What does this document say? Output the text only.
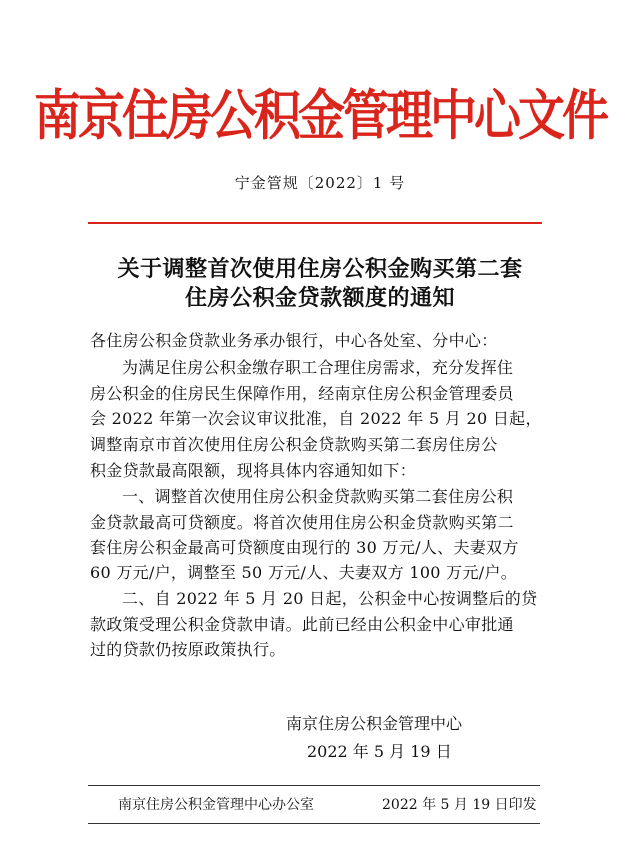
南京住房公积金管理中心文件
宁金管规〔2022〕1 号
关于调整首次使用住房公积金购买第二套
住房公积金贷款额度的通知
各住房公积金贷款业务承办银行，中心各处室、分中心：
为满足住房公积金缴存职工合理住房需求，充分发挥住
房公积金的住房民生保障作用，经南京住房公积金管理委员
会 2022 年第一次会议审议批准，自 2022 年 5 月 20 日起，
调整南京市首次使用住房公积金贷款购买第二套房住房公
积金贷款最高限额，现将具体内容通知如下：
一、调整首次使用住房公积金贷款购买第二套住房公积
金贷款最高可贷额度。将首次使用住房公积金贷款购买第二
套住房公积金最高可贷额度由现行的 30 万元/人、夫妻双方
60 万元/户，调整至 50 万元/人、夫妻双方 100 万元/户。
二、自 2022 年 5 月 20 日起，公积金中心按调整后的贷
款政策受理公积金贷款申请。此前已经由公积金中心审批通
过的贷款仍按原政策执行。
南京住房公积金管理中心
2022 年 5 月 19 日
南京住房公积金管理中心办公室	2022 年 5 月 19 日印发
